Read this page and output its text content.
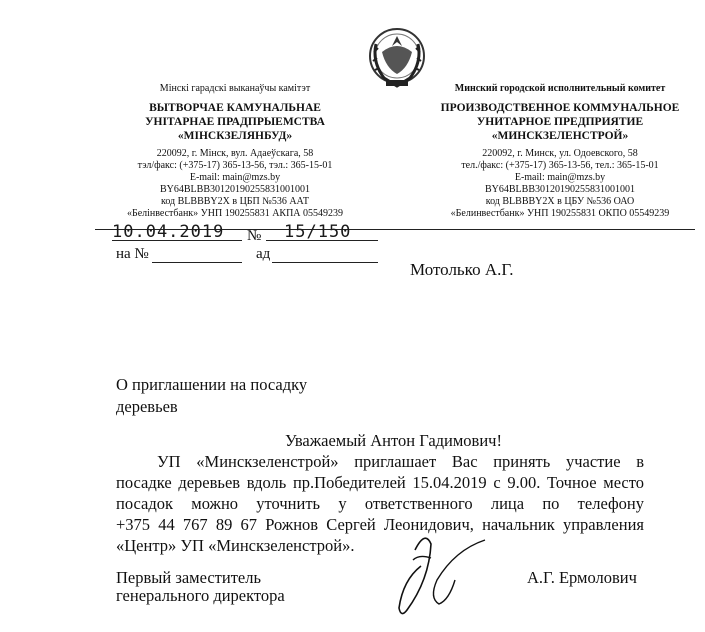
Мінскі гарадскі выканаўчы камітэт
ВЫТВОРЧАЕ КАМУНАЛЬНАЕ
УНІТАРНАЕ ПРАДПРЫЕМСТВА
«МІНСКЗЕЛЯНБУД»
220092, г. Мінск, вул. Адаеўскага, 58
тэл/факс: (+375-17) 365-13-56, тэл.: 365-15-01
E-mail: main@mzs.by
BY64BLBB30120190255831001001
код BLBBBY2X в ЦБП №536 ААТ
«Белінвестбанк» УНП 190255831 АКПА 05549239
Минский городской исполнительный комитет
ПРОИЗВОДСТВЕННОЕ КОММУНАЛЬНОЕ
УНИТАРНОЕ ПРЕДПРИЯТИЕ
«МИНСКЗЕЛЕНСТРОЙ»
220092, г. Минск, ул. Одоевского, 58
тел./факс: (+375-17) 365-13-56, тел.: 365-15-01
E-mail: main@mzs.by
BY64BLBB30120190255831001001
код BLBBBY2X в ЦБУ №536 ОАО
«Белинвестбанк» УНП 190255831 ОКПО 05549239
10.04.2019 № 15/150
на №	ад
Мотолько А.Г.
О приглашении на посадку
деревьев
Уважаемый Антон Гадимович!
УП «Минскзеленстрой» приглашает Вас принять участие в
посадке деревьев вдоль пр.Победителей 15.04.2019 с 9.00. Точное место
посадок можно уточнить у ответственного лица по телефону
+375 44 767 89 67 Рожнов Сергей Леонидович, начальник управления
«Центр» УП «Минскзеленстрой».
Первый заместитель
генерального директора
А.Г. Ермолович
